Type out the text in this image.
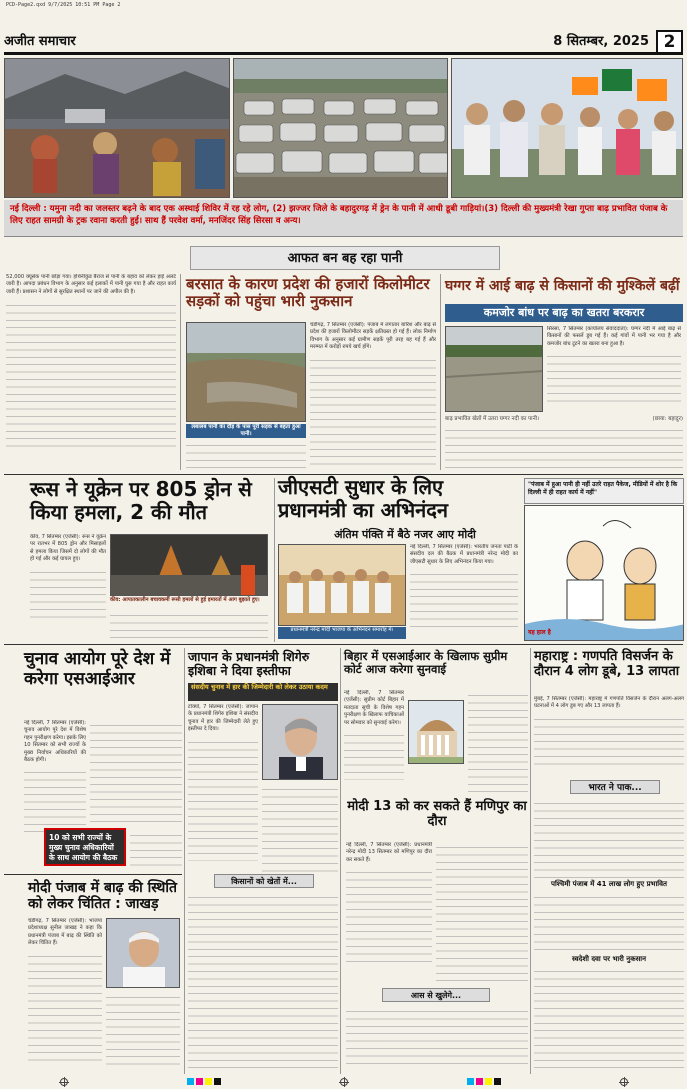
PCD-Page2.qxd 9/7/2025 10:51 PM Page 2
अजीत समाचार	8 सितम्बर, 2025 2
नई दिल्ली : यमुना नदी का जलस्तर बढ़ने के बाद एक अस्थाई शिविर में रह रहे लोग, (2) झज्जर जिले के बहादुरगढ़ में ड्रेन के पानी में आधी डूबी गाड़ियां।(3) दिल्ली की मुख्यमंत्री रेखा गुप्ता बाढ़ प्रभावित पंजाब के लिए राहत सामग्री के ट्रक रवाना करती हुई। साथ हैं परवेश वर्मा, मनजिंदर सिंह सिरसा व अन्य।
आफत बन बह रहा पानी
52,000 क्यूसेक पानी छोड़ा गया। हथिनीकुंड बैराज से पानी के बहाव को लेकर हाई अलर्ट जारी है। आपदा प्रबंधन विभाग के अनुसार कई इलाकों में पानी घुस गया है और राहत कार्य जारी हैं। प्रशासन ने लोगों से सुरक्षित स्थानों पर जाने की अपील की है।	बरसात के कारण प्रदेश की हजारों किलोमीटर सड़कों को पहुंचा भारी नुकसान
लबालब पानी का दौड़ के पास पूरी सड़क से बहता हुआ पानी।
चंडीगढ़, 7 सितम्बर (एजेंसी): पंजाब में लगातार बारिश और बाढ़ से प्रदेश की हजारों किलोमीटर सड़कें क्षतिग्रस्त हो गई हैं। लोक निर्माण विभाग के अनुसार कई ग्रामीण सड़कें पूरी तरह बह गई हैं और मरम्मत में करोड़ों रुपये खर्च होंगे।
घग्गर में आई बाढ़ से किसानों की मुश्किलें बढ़ीं
कमजोर बांध पर बाढ़ का खतरा बरकरार
सिरसा, 7 सितम्बर (कार्यालय संवाददाता): घग्गर नदी में आई बाढ़ से किसानों की फसलें डूब गई हैं। कई गांवों में पानी भर गया है और कमजोर बांध टूटने का खतरा बना हुआ है।
बाढ़ प्रभावित खेतों में उतरा घग्गर नदी का पानी।	(छाया: बहादुर)
रूस ने यूक्रेन पर 805 ड्रोन से किया हमला, 2 की मौत
कीव, 7 सितम्बर (एजेंसी): रूस ने यूक्रेन पर रातभर में 805 ड्रोन और मिसाइलों से हमला किया जिसमें दो लोगों की मौत हो गई और कई घायल हुए।
कीव: आपातकालीन बचावकर्मी रूसी हमलों से हुई इमारतों में आग बुझाते हुए।
जीएसटी सुधार के लिए प्रधानमंत्री का अभिनंदन
अंतिम पंक्ति में बैठे नजर आए मोदी
प्रधानमंत्री नरेन्द्र मोदी भाजपा के अभिनंदन समारोह में।
नई दिल्ली, 7 सितम्बर (एजेंसी): भारतीय जनता पार्टी के संसदीय दल की बैठक में प्रधानमंत्री नरेन्द्र मोदी का जीएसटी सुधार के लिए अभिनंदन किया गया।
"पंजाब में हुआ पानी ही नहीं उतरे राहत पैकेज, मीडियों में शोर है कि दिल्ली में ही राहत कार्य में नहीं"
यह हाल है
चुनाव आयोग पूरे देश में करेगा एसआईआर
नई दिल्ली, 7 सितम्बर (एजेंसी): चुनाव आयोग पूरे देश में विशेष गहन पुनरीक्षण करेगा। इसके लिए 10 सितम्बर को सभी राज्यों के मुख्य निर्वाचन अधिकारियों की बैठक होगी।
10 को सभी राज्यों के मुख्य चुनाव अधिकारियों के साथ आयोग की बैठक
जापान के प्रधानमंत्री शिगेरु इशिबा ने दिया इस्तीफा
संसदीय चुनाव में हार की जिम्मेदारी को लेकर उठाया कदम
टोक्यो, 7 सितम्बर (एजेंसी): जापान के प्रधानमंत्री शिगेरु इशिबा ने संसदीय चुनाव में हार की जिम्मेदारी लेते हुए इस्तीफा दे दिया।
बिहार में एसआईआर के खिलाफ सुप्रीम कोर्ट आज करेगा सुनवाई
नई दिल्ली, 7 सितम्बर (एजेंसी): सुप्रीम कोर्ट बिहार में मतदाता सूची के विशेष गहन पुनरीक्षण के खिलाफ याचिकाओं पर सोमवार को सुनवाई करेगा।
मोदी 13 को कर सकते हैं मणिपुर का दौरा
नई दिल्ली, 7 सितम्बर (एजेंसी): प्रधानमंत्री नरेन्द्र मोदी 13 सितम्बर को मणिपुर का दौरा कर सकते हैं।
महाराष्ट्र : गणपति विसर्जन के दौरान 4 लोग डूबे, 13 लापता
मुंबई, 7 सितम्बर (एजेंसी): महाराष्ट्र में गणपति विसर्जन के दौरान अलग-अलग घटनाओं में 4 लोग डूब गए और 13 लापता हैं।
भारत ने पाक...
पश्चिमी पंजाब में 41 लाख लोग हुए प्रभावित
स्वदेशी दवा पर भारी नुकसान
किसानों को खेतों में...
आस से खुलेगे...
मोदी पंजाब में बाढ़ की स्थिति को लेकर चिंतित : जाखड़
चंडीगढ़, 7 सितम्बर (एजेंसी): भाजपा प्रदेशाध्यक्ष सुनील जाखड़ ने कहा कि प्रधानमंत्री पंजाब में बाढ़ की स्थिति को लेकर चिंतित हैं।
